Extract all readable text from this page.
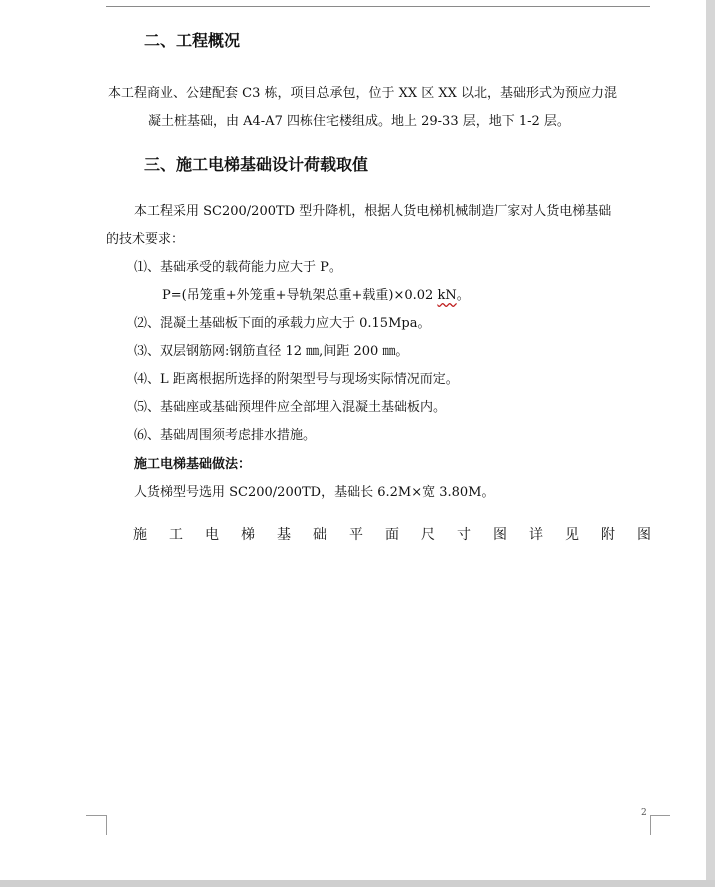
二、工程概况
本工程商业、公建配套 C3 栋，项目总承包，位于 XX 区 XX 以北，基础形式为预应力混
凝土桩基础，由 A4-A7 四栋住宅楼组成。地上 29-33 层，地下 1-2 层。
三、施工电梯基础设计荷载取值
本工程采用 SC200/200TD 型升降机，根据人货电梯机械制造厂家对人货电梯基础
的技术要求：
⑴、基础承受的载荷能力应大于 P。
P=(吊笼重+外笼重+导轨架总重+载重)×0.02 kN。
⑵、混凝土基础板下面的承载力应大于 0.15Mpa。
⑶、双层钢筋网:钢筋直径 12 ㎜,间距 200 ㎜。
⑷、L 距离根据所选择的附架型号与现场实际情况而定。
⑸、基础座或基础预埋件应全部埋入混凝土基础板内。
⑹、基础周围须考虑排水措施。
施工电梯基础做法：
人货梯型号选用 SC200/200TD，基础长 6.2M×宽 3.80M。
施 工 电 梯 基 础 平 面 尺 寸 图 详 见 附 图
2
